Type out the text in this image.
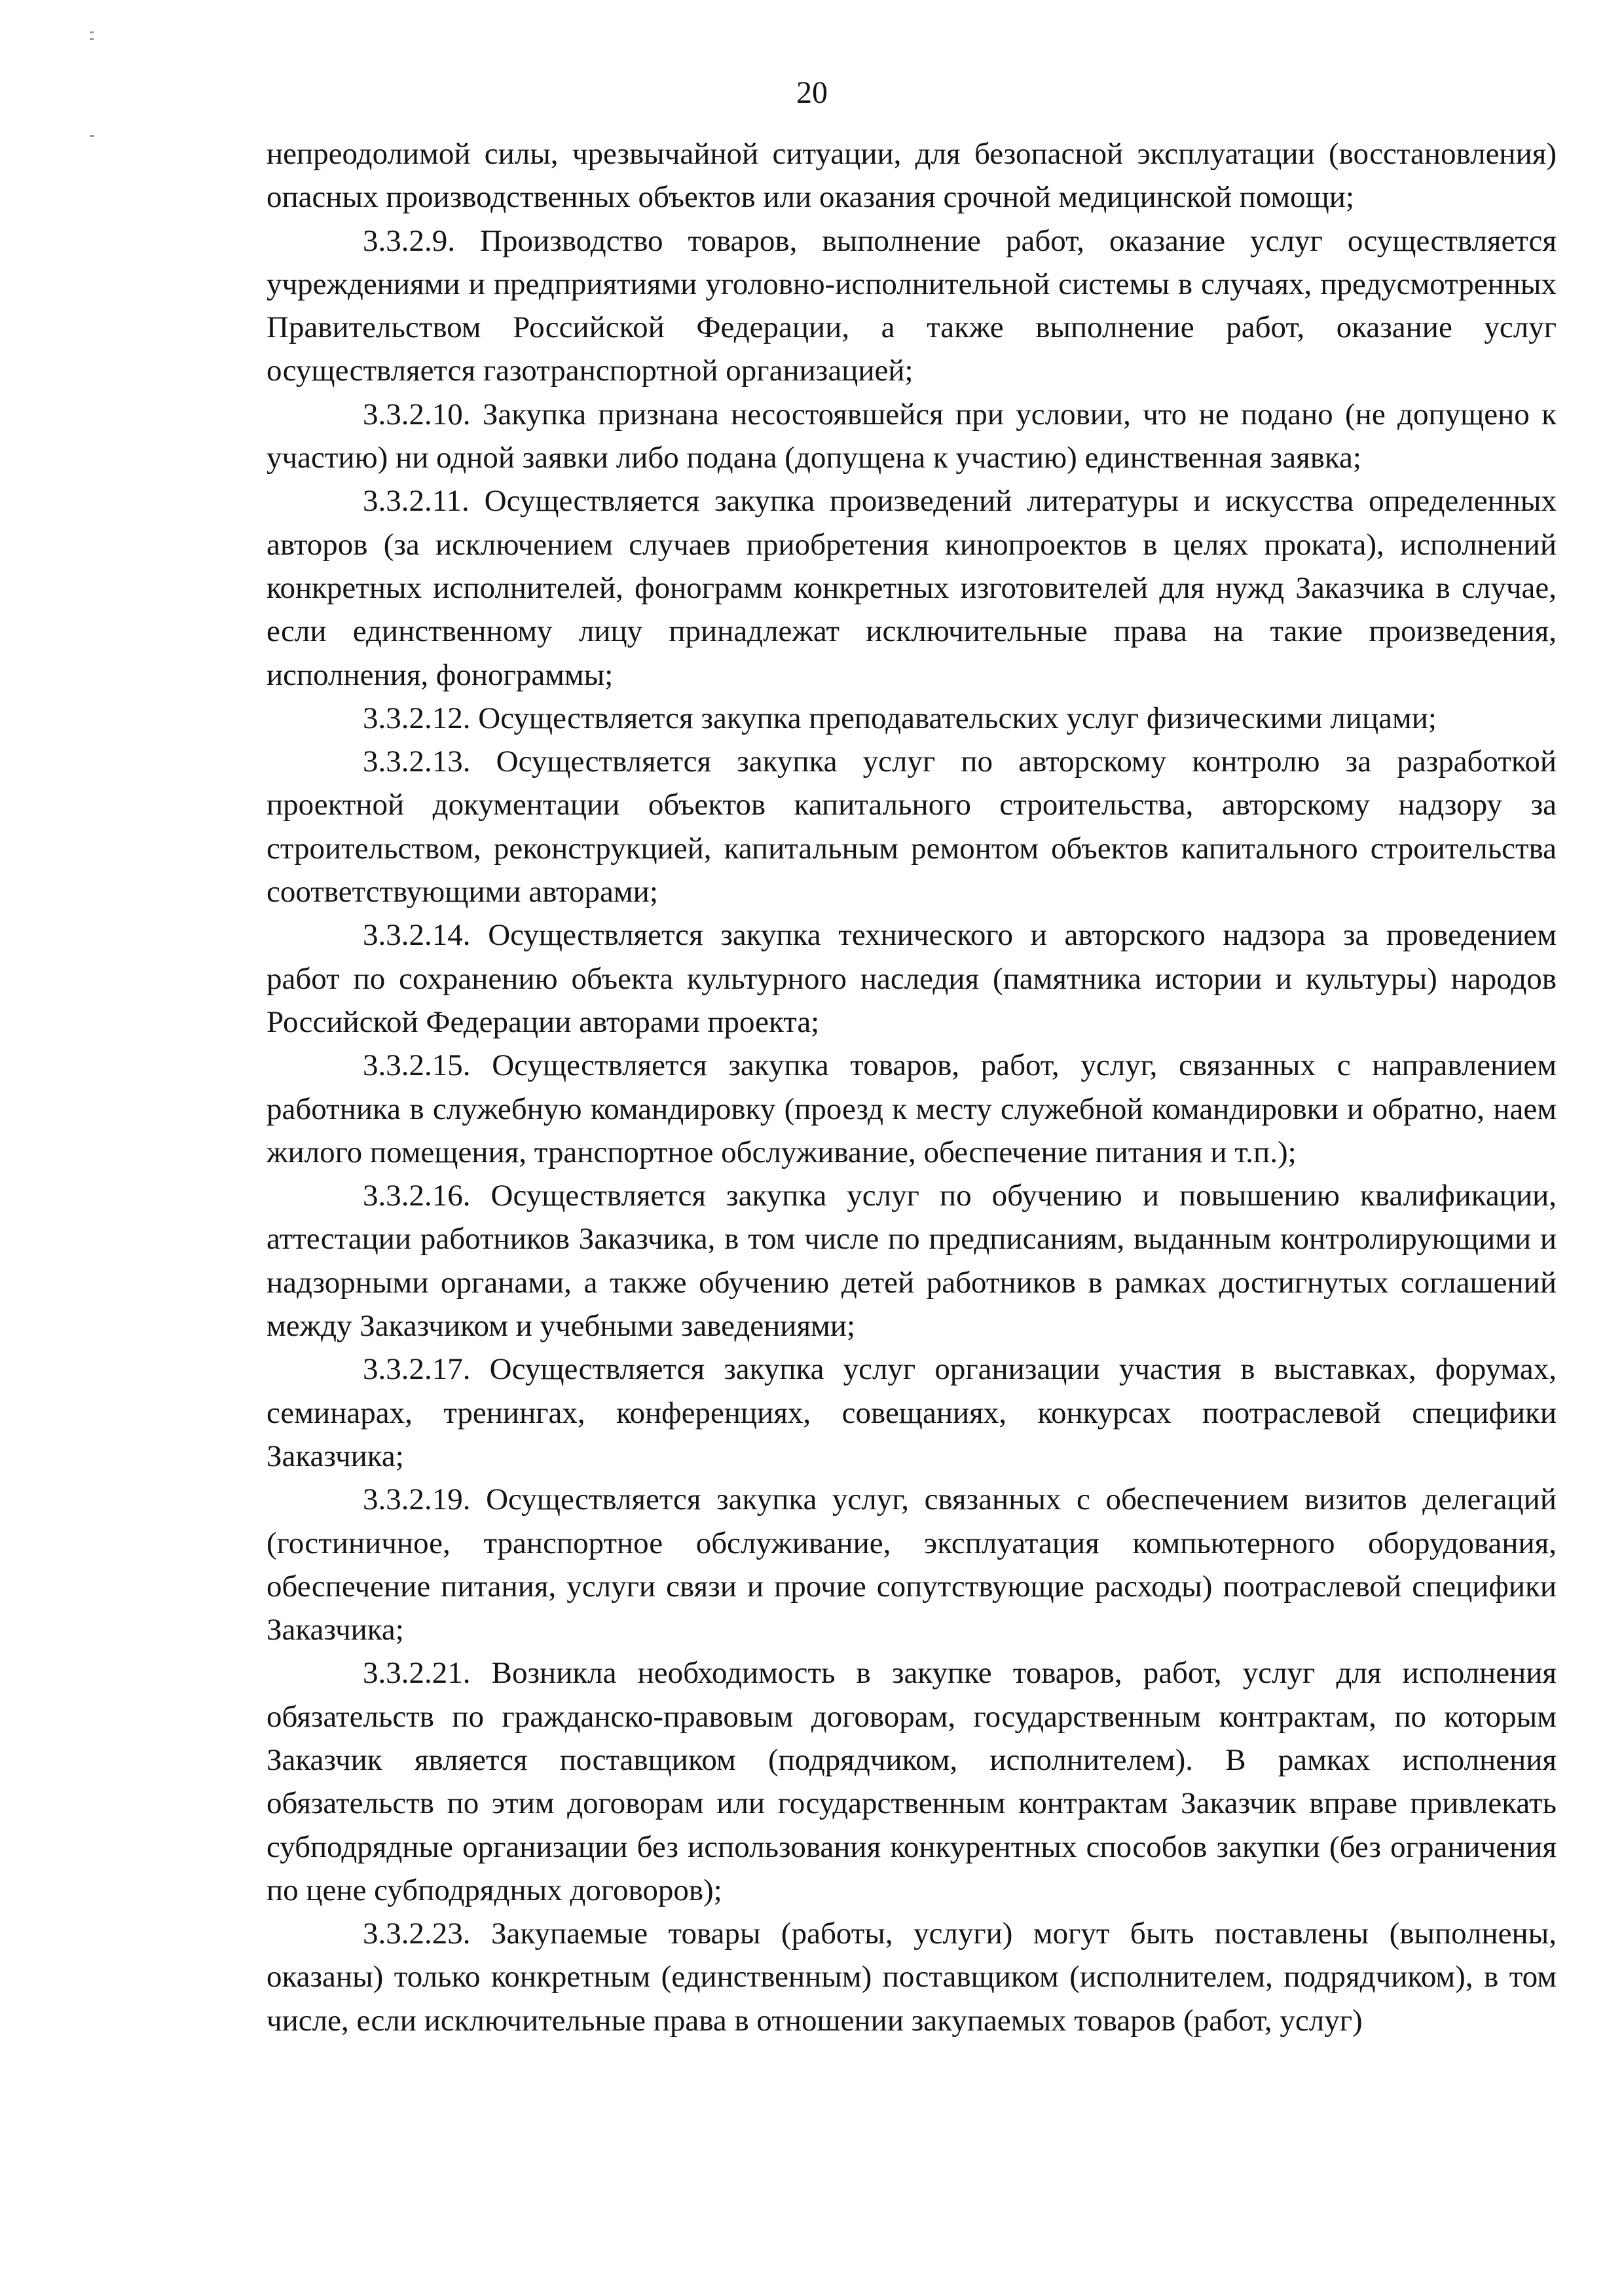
20

непреодолимой силы, чрезвычайной ситуации, для безопасной эксплуатации (восстановления) опасных производственных объектов или оказания срочной медицинской помощи;

3.3.2.9. Производство товаров, выполнение работ, оказание услуг осуществляется учреждениями и предприятиями уголовно-исполнительной системы в случаях, предусмотренных Правительством Российской Федерации, а также выполнение работ, оказание услуг осуществляется газотранспортной организацией;

3.3.2.10. Закупка признана несостоявшейся при условии, что не подано (не допущено к участию) ни одной заявки либо подана (допущена к участию) единственная заявка;

3.3.2.11. Осуществляется закупка произведений литературы и искусства определенных авторов (за исключением случаев приобретения кинопроектов в целях проката), исполнений конкретных исполнителей, фонограмм конкретных изготовителей для нужд Заказчика в случае, если единственному лицу принадлежат исключительные права на такие произведения, исполнения, фонограммы;

3.3.2.12. Осуществляется закупка преподавательских услуг физическими лицами;

3.3.2.13. Осуществляется закупка услуг по авторскому контролю за разработкой проектной документации объектов капитального строительства, авторскому надзору за строительством, реконструкцией, капитальным ремонтом объектов капитального строительства соответствующими авторами;

3.3.2.14. Осуществляется закупка технического и авторского надзора за проведением работ по сохранению объекта культурного наследия (памятника истории и культуры) народов Российской Федерации авторами проекта;

3.3.2.15. Осуществляется закупка товаров, работ, услуг, связанных с направлением работника в служебную командировку (проезд к месту служебной командировки и обратно, наем жилого помещения, транспортное обслуживание, обеспечение питания и т.п.);

3.3.2.16. Осуществляется закупка услуг по обучению и повышению квалификации, аттестации работников Заказчика, в том числе по предписаниям, выданным контролирующими и надзорными органами, а также обучению детей работников в рамках достигнутых соглашений между Заказчиком и учебными заведениями;

3.3.2.17. Осуществляется закупка услуг организации участия в выставках, форумах, семинарах, тренингах, конференциях, совещаниях, конкурсах поотраслевой специфики Заказчика;

3.3.2.19. Осуществляется закупка услуг, связанных с обеспечением визитов делегаций (гостиничное, транспортное обслуживание, эксплуатация компьютерного оборудования, обеспечение питания, услуги связи и прочие сопутствующие расходы) поотраслевой специфики Заказчика;

3.3.2.21. Возникла необходимость в закупке товаров, работ, услуг для исполнения обязательств по гражданско-правовым договорам, государственным контрактам, по которым Заказчик является поставщиком (подрядчиком, исполнителем). В рамках исполнения обязательств по этим договорам или государственным контрактам Заказчик вправе привлекать субподрядные организации без использования конкурентных способов закупки (без ограничения по цене субподрядных договоров);

3.3.2.23. Закупаемые товары (работы, услуги) могут быть поставлены (выполнены, оказаны) только конкретным (единственным) поставщиком (исполнителем, подрядчиком), в том числе, если исключительные права в отношении закупаемых товаров (работ, услуг)
